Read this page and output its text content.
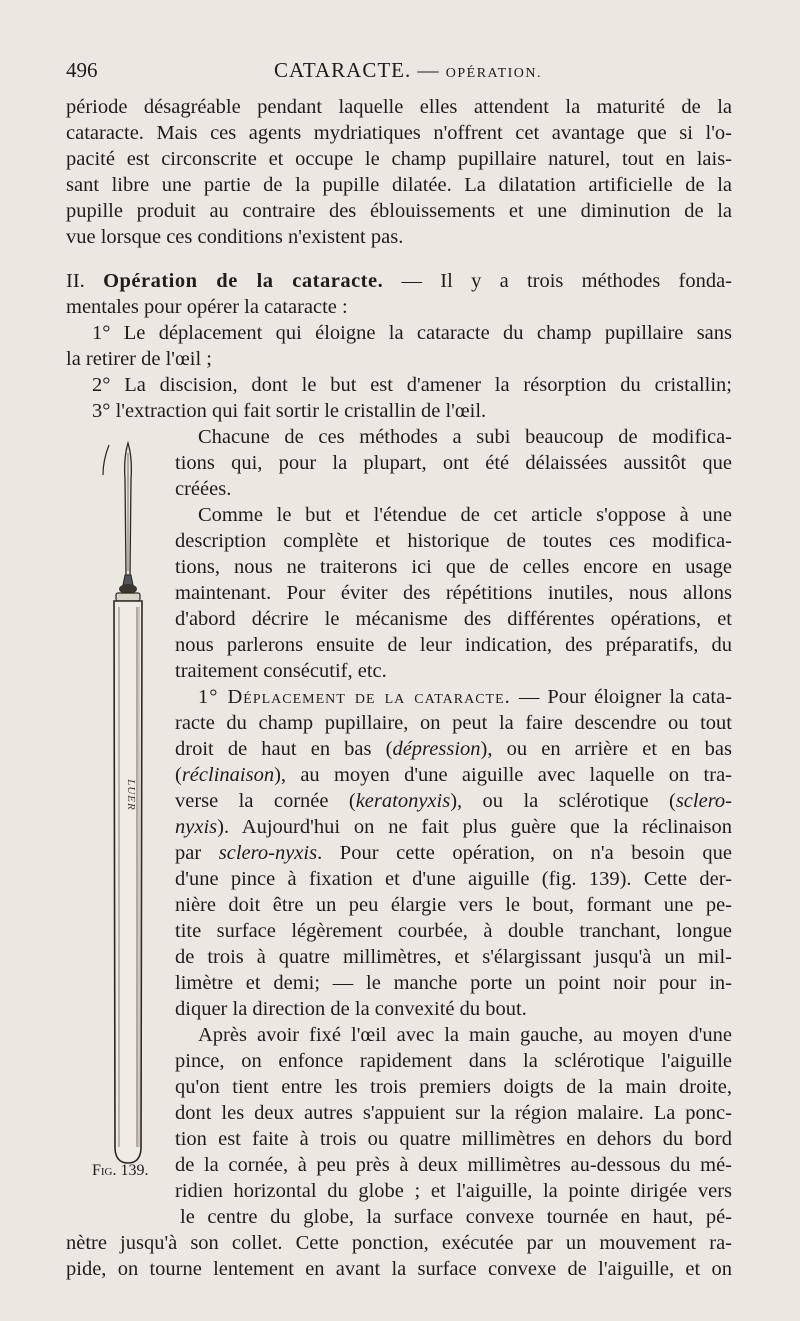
496	CATARACTE. — OPÉRATION.
période désagréable pendant laquelle elles attendent la maturité de la
cataracte. Mais ces agents mydriatiques n'offrent cet avantage que si l'o-
pacité est circonscrite et occupe le champ pupillaire naturel, tout en lais-
sant libre une partie de la pupille dilatée. La dilatation artificielle de la
pupille produit au contraire des éblouissements et une diminution de la
vue lorsque ces conditions n'existent pas.
II. Opération de la cataracte. — Il y a trois méthodes fonda-
mentales pour opérer la cataracte :
1° Le déplacement qui éloigne la cataracte du champ pupillaire sans
la retirer de l'œil ;
2° La discision, dont le but est d'amener la résorption du cristallin;
3° l'extraction qui fait sortir le cristallin de l'œil.
Chacune de ces méthodes a subi beaucoup de modifica-
tions qui, pour la plupart, ont été délaissées aussitôt que
créées.
Comme le but et l'étendue de cet article s'oppose à une
description complète et historique de toutes ces modifica-
tions, nous ne traiterons ici que de celles encore en usage
maintenant. Pour éviter des répétitions inutiles, nous allons
d'abord décrire le mécanisme des différentes opérations, et
nous parlerons ensuite de leur indication, des préparatifs, du
traitement consécutif, etc.
1° Déplacement de la cataracte. — Pour éloigner la cata-
racte du champ pupillaire, on peut la faire descendre ou tout
droit de haut en bas (dépression), ou en arrière et en bas
(réclinaison), au moyen d'une aiguille avec laquelle on tra-
verse la cornée (keratonyxis), ou la sclérotique (sclero-
nyxis). Aujourd'hui on ne fait plus guère que la réclinaison
par sclero-nyxis. Pour cette opération, on n'a besoin que
d'une pince à fixation et d'une aiguille (fig. 139). Cette der-
nière doit être un peu élargie vers le bout, formant une pe-
tite surface légèrement courbée, à double tranchant, longue
de trois à quatre millimètres, et s'élargissant jusqu'à un mil-
limètre et demi; — le manche porte un point noir pour in-
diquer la direction de la convexité du bout.
Après avoir fixé l'œil avec la main gauche, au moyen d'une
pince, on enfonce rapidement dans la sclérotique l'aiguille
qu'on tient entre les trois premiers doigts de la main droite,
dont les deux autres s'appuient sur la région malaire. La ponc-
tion est faite à trois ou quatre millimètres en dehors du bord
de la cornée, à peu près à deux millimètres au-dessous du mé-
ridien horizontal du globe ; et l'aiguille, la pointe dirigée vers
le centre du globe, la surface convexe tournée en haut, pé-
nètre jusqu'à son collet. Cette ponction, exécutée par un mouvement ra-
pide, on tourne lentement en avant la surface convexe de l'aiguille, et on
LUER
Fig. 139.
